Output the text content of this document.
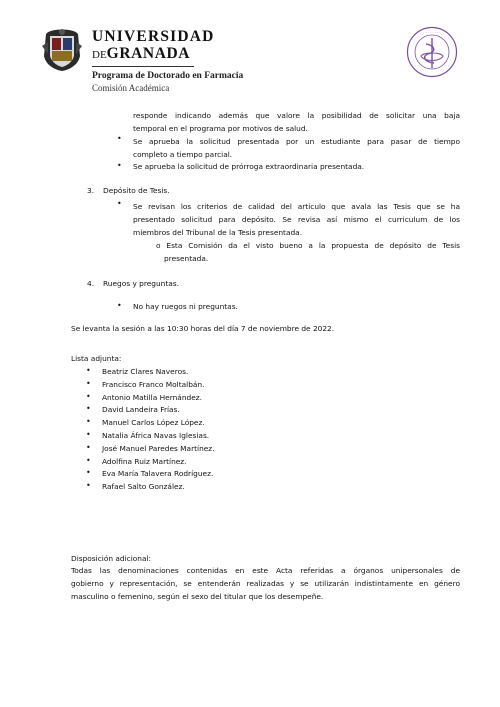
UNIVERSIDAD
DEGRANADA
Programa de Doctorado en Farmacia
Comisión Académica
· · · · · · · ·
responde indicando además que valore la posibilidad de solicitar una baja
temporal en el programa por motivos de salud.
• Se aprueba la solicitud presentada por un estudiante para pasar de tiempo
completo a tiempo parcial.
• Se aprueba la solicitud de prórroga extraordinaria presentada.
3. Depósito de Tesis.
• Se revisan los criterios de calidad del artículo que avala las Tesis que se ha
presentado solicitud para depósito. Se revisa así mismo el curriculum de los
miembros del Tribunal de la Tesis presentada.
o Esta Comisión da el visto bueno a la propuesta de depósito de Tesis
presentada.
4. Ruegos y preguntas.
• No hay ruegos ni preguntas.
Se levanta la sesión a las 10:30 horas del día 7 de noviembre de 2022.
Lista adjunta:
• Beatriz Clares Naveros.
• Francisco Franco Moltalbán.
• Antonio Matilla Hernández.
• David Landeira Frías.
• Manuel Carlos López López.
• Natalia África Navas Iglesias.
• José Manuel Paredes Martínez.
• Adolfina Ruiz Martínez.
• Eva María Talavera Rodríguez.
• Rafael Salto González.
Disposición adicional:
Todas las denominaciones contenidas en este Acta referidas a órganos unipersonales de
gobierno y representación, se entenderán realizadas y se utilizarán indistintamente en género
masculino o femenino, según el sexo del titular que los desempeñe.
